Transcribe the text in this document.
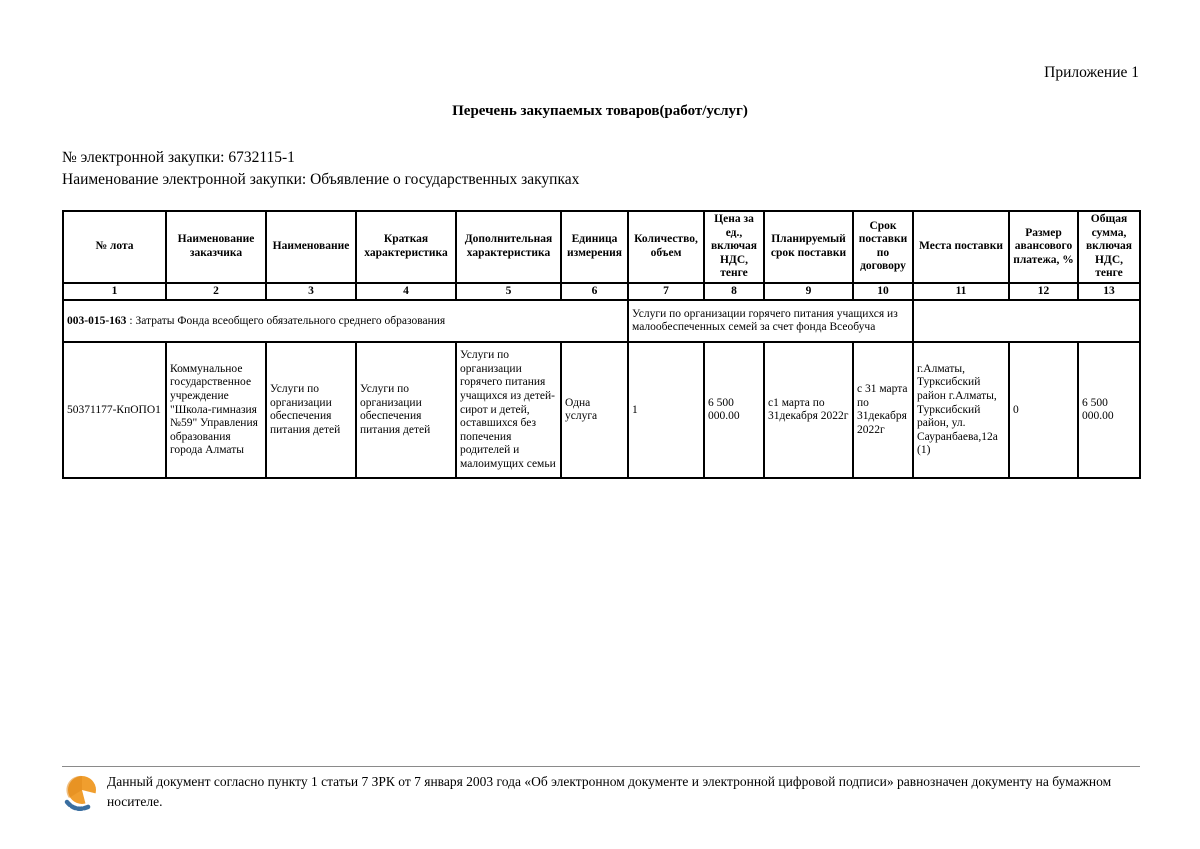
Приложение 1
Перечень закупаемых товаров(работ/услуг)
№ электронной закупки: 6732115-1
Наименование электронной закупки: Объявление о государственных закупках
№ лота	Наименование заказчика	Наименование	Краткая характеристика	Дополнительная характеристика	Единица измерения	Количество, объем	Цена за ед., включая НДС, тенге	Планируемый срок поставки	Срок поставки по договору	Места поставки	Размер авансового платежа, %	Общая сумма, включая НДС, тенге
1	2	3	4	5	6	7	8	9	10	11	12	13
003-015-163 : Затраты Фонда всеобщего обязательного среднего образования						Услуги по организации горячего питания учащихся из малообеспеченных семей за счет фонда Всеобуча						
50371177-КпОПО1	Коммунальное государственное учреждение "Школа-гимназия №59" Управления образования города Алматы	Услуги по организации обеспечения питания детей	Услуги по организации обеспечения питания детей	Услуги по организации горячего питания учащихся из детей-сирот и детей, оставшихся без попечения родителей и малоимущих семьи	Одна услуга	1	6 500 000.00	с1 марта по 31декабря 2022г	с 31 марта по 31декабря 2022г	г.Алматы, Турксибский район г.Алматы, Турксибский район, ул. Сауранбаева,12а (1)	0	6 500 000.00
Данный документ согласно пункту 1 статьи 7 ЗРК от 7 января 2003 года «Об электронном документе и электронной цифровой подписи» равнозначен документу на бумажном носителе.
